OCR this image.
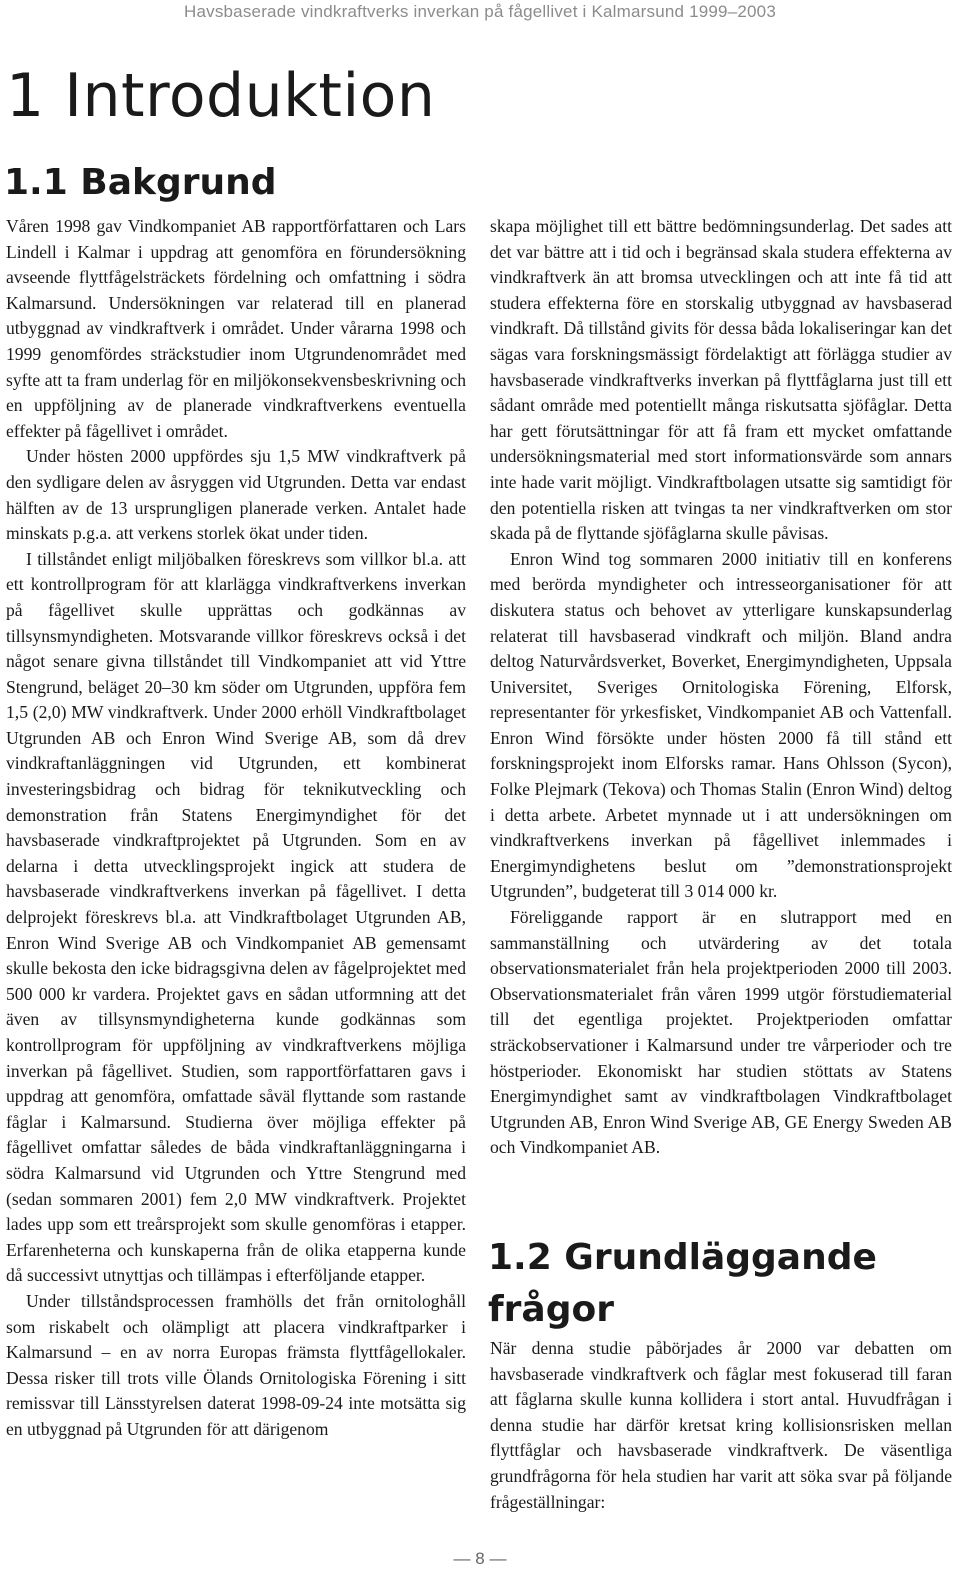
Havsbaserade vindkraftverks inverkan på fågellivet i Kalmarsund 1999–2003
1 Introduktion
1.1 Bakgrund

Våren 1998 gav Vindkompaniet AB rapportförfattaren och Lars Lindell i Kalmar i uppdrag att genomföra en förundersökning avseende flyttfågelsträckets fördelning och omfattning i södra Kalmarsund. Undersökningen var relaterad till en planerad utbyggnad av vindkraftverk i området. Under vårarna 1998 och 1999 genomfördes sträckstudier inom Utgrundenområdet med syfte att ta fram underlag för en miljökonsekvensbeskrivning och en uppföljning av de planerade vindkraftverkens eventuella effekter på fågellivet i området.

Under hösten 2000 uppfördes sju 1,5 MW vindkraftverk på den sydligare delen av åsryggen vid Utgrunden. Detta var endast hälften av de 13 ursprungligen planerade verken. Antalet hade minskats p.g.a. att verkens storlek ökat under tiden.

I tillståndet enligt miljöbalken föreskrevs som villkor bl.a. att ett kontrollprogram för att klarlägga vindkraftverkens inverkan på fågellivet skulle upprättas och godkännas av tillsynsmyndigheten. Motsvarande villkor föreskrevs också i det något senare givna tillståndet till Vindkompaniet att vid Yttre Stengrund, beläget 20–30 km söder om Utgrunden, uppföra fem 1,5 (2,0) MW vindkraftverk. Under 2000 erhöll Vindkraftbolaget Utgrunden AB och Enron Wind Sverige AB, som då drev vindkraftanläggningen vid Utgrunden, ett kombinerat investeringsbidrag och bidrag för teknikutveckling och demonstration från Statens Energimyndighet för det havsbaserade vindkraftprojektet på Utgrunden. Som en av delarna i detta utvecklingsprojekt ingick att studera de havsbaserade vindkraftverkens inverkan på fågellivet. I detta delprojekt föreskrevs bl.a. att Vindkraftbolaget Utgrunden AB, Enron Wind Sverige AB och Vindkompaniet AB gemensamt skulle bekosta den icke bidragsgivna delen av fågelprojektet med 500 000 kr vardera. Projektet gavs en sådan utformning att det även av tillsynsmyndigheterna kunde godkännas som kontrollprogram för uppföljning av vindkraftverkens möjliga inverkan på fågellivet. Studien, som rapportförfattaren gavs i uppdrag att genomföra, omfattade såväl flyttande som rastande fåglar i Kalmarsund. Studierna över möjliga effekter på fågellivet omfattar således de båda vindkraftanläggningarna i södra Kalmarsund vid Utgrunden och Yttre Stengrund med (sedan sommaren 2001) fem 2,0 MW vindkraftverk. Projektet lades upp som ett treårsprojekt som skulle genomföras i etapper. Erfarenheterna och kunskaperna från de olika etapperna kunde då successivt utnyttjas och tillämpas i efterföljande etapper.

Under tillståndsprocessen framhölls det från ornitologhåll som riskabelt och olämpligt att placera vindkraftparker i Kalmarsund – en av norra Europas främsta flyttfågellokaler. Dessa risker till trots ville Ölands Ornitologiska Förening i sitt remissvar till Länsstyrelsen daterat 1998-09-24 inte motsätta sig en utbyggnad på Utgrunden för att därigenom

skapa möjlighet till ett bättre bedömningsunderlag. Det sades att det var bättre att i tid och i begränsad skala studera effekterna av vindkraftverk än att bromsa utvecklingen och att inte få tid att studera effekterna före en storskalig utbyggnad av havsbaserad vindkraft. Då tillstånd givits för dessa båda lokaliseringar kan det sägas vara forskningsmässigt fördelaktigt att förlägga studier av havsbaserade vindkraftverks inverkan på flyttfåglarna just till ett sådant område med potentiellt många riskutsatta sjöfåglar. Detta har gett förutsättningar för att få fram ett mycket omfattande undersökningsmaterial med stort informationsvärde som annars inte hade varit möjligt. Vindkraftbolagen utsatte sig samtidigt för den potentiella risken att tvingas ta ner vindkraftverken om stor skada på de flyttande sjöfåglarna skulle påvisas.

Enron Wind tog sommaren 2000 initiativ till en konferens med berörda myndigheter och intresseorganisationer för att diskutera status och behovet av ytterligare kunskapsunderlag relaterat till havsbaserad vindkraft och miljön. Bland andra deltog Naturvårdsverket, Boverket, Energimyndigheten, Uppsala Universitet, Sveriges Ornitologiska Förening, Elforsk, representanter för yrkesfisket, Vindkompaniet AB och Vattenfall. Enron Wind försökte under hösten 2000 få till stånd ett forskningsprojekt inom Elforsks ramar. Hans Ohlsson (Sycon), Folke Plejmark (Tekova) och Thomas Stalin (Enron Wind) deltog i detta arbete. Arbetet mynnade ut i att undersökningen om vindkraftverkens inverkan på fågellivet inlemmades i Energimyndighetens beslut om ”demonstrationsprojekt Utgrunden”, budgeterat till 3 014 000 kr.

Föreliggande rapport är en slutrapport med en sammanställning och utvärdering av det totala observationsmaterialet från hela projektperioden 2000 till 2003. Observationsmaterialet från våren 1999 utgör förstudiematerial till det egentliga projektet. Projektperioden omfattar sträckobservationer i Kalmarsund under tre vårperioder och tre höstperioder. Ekonomiskt har studien stöttats av Statens Energimyndighet samt av vindkraftbolagen Vindkraftbolaget Utgrunden AB, Enron Wind Sverige AB, GE Energy Sweden AB och Vindkompaniet AB.

1.2 Grundläggande frågor

När denna studie påbörjades år 2000 var debatten om havsbaserade vindkraftverk och fåglar mest fokuserad till faran att fåglarna skulle kunna kollidera i stort antal. Huvudfrågan i denna studie har därför kretsat kring kollisionsrisken mellan flyttfåglar och havsbaserade vindkraftverk. De väsentliga grundfrågorna för hela studien har varit att söka svar på följande frågeställningar:

— 8 —
